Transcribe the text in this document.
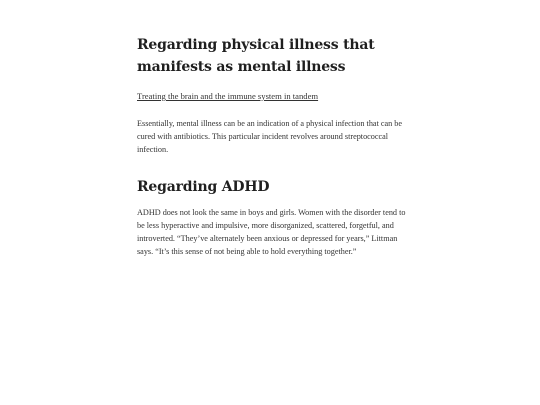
Regarding physical illness that manifests as mental illness
Treating the brain and the immune system in tandem

Essentially, mental illness can be an indication of a physical infection that can be cured with antibiotics. This particular incident revolves around streptococcal infection.

Regarding ADHD

ADHD does not look the same in boys and girls. Women with the disorder tend to be less hyperactive and impulsive, more disorganized, scattered, forgetful, and introverted. “They’ve alternately been anxious or depressed for years,” Littman says. “It’s this sense of not being able to hold everything together.”
